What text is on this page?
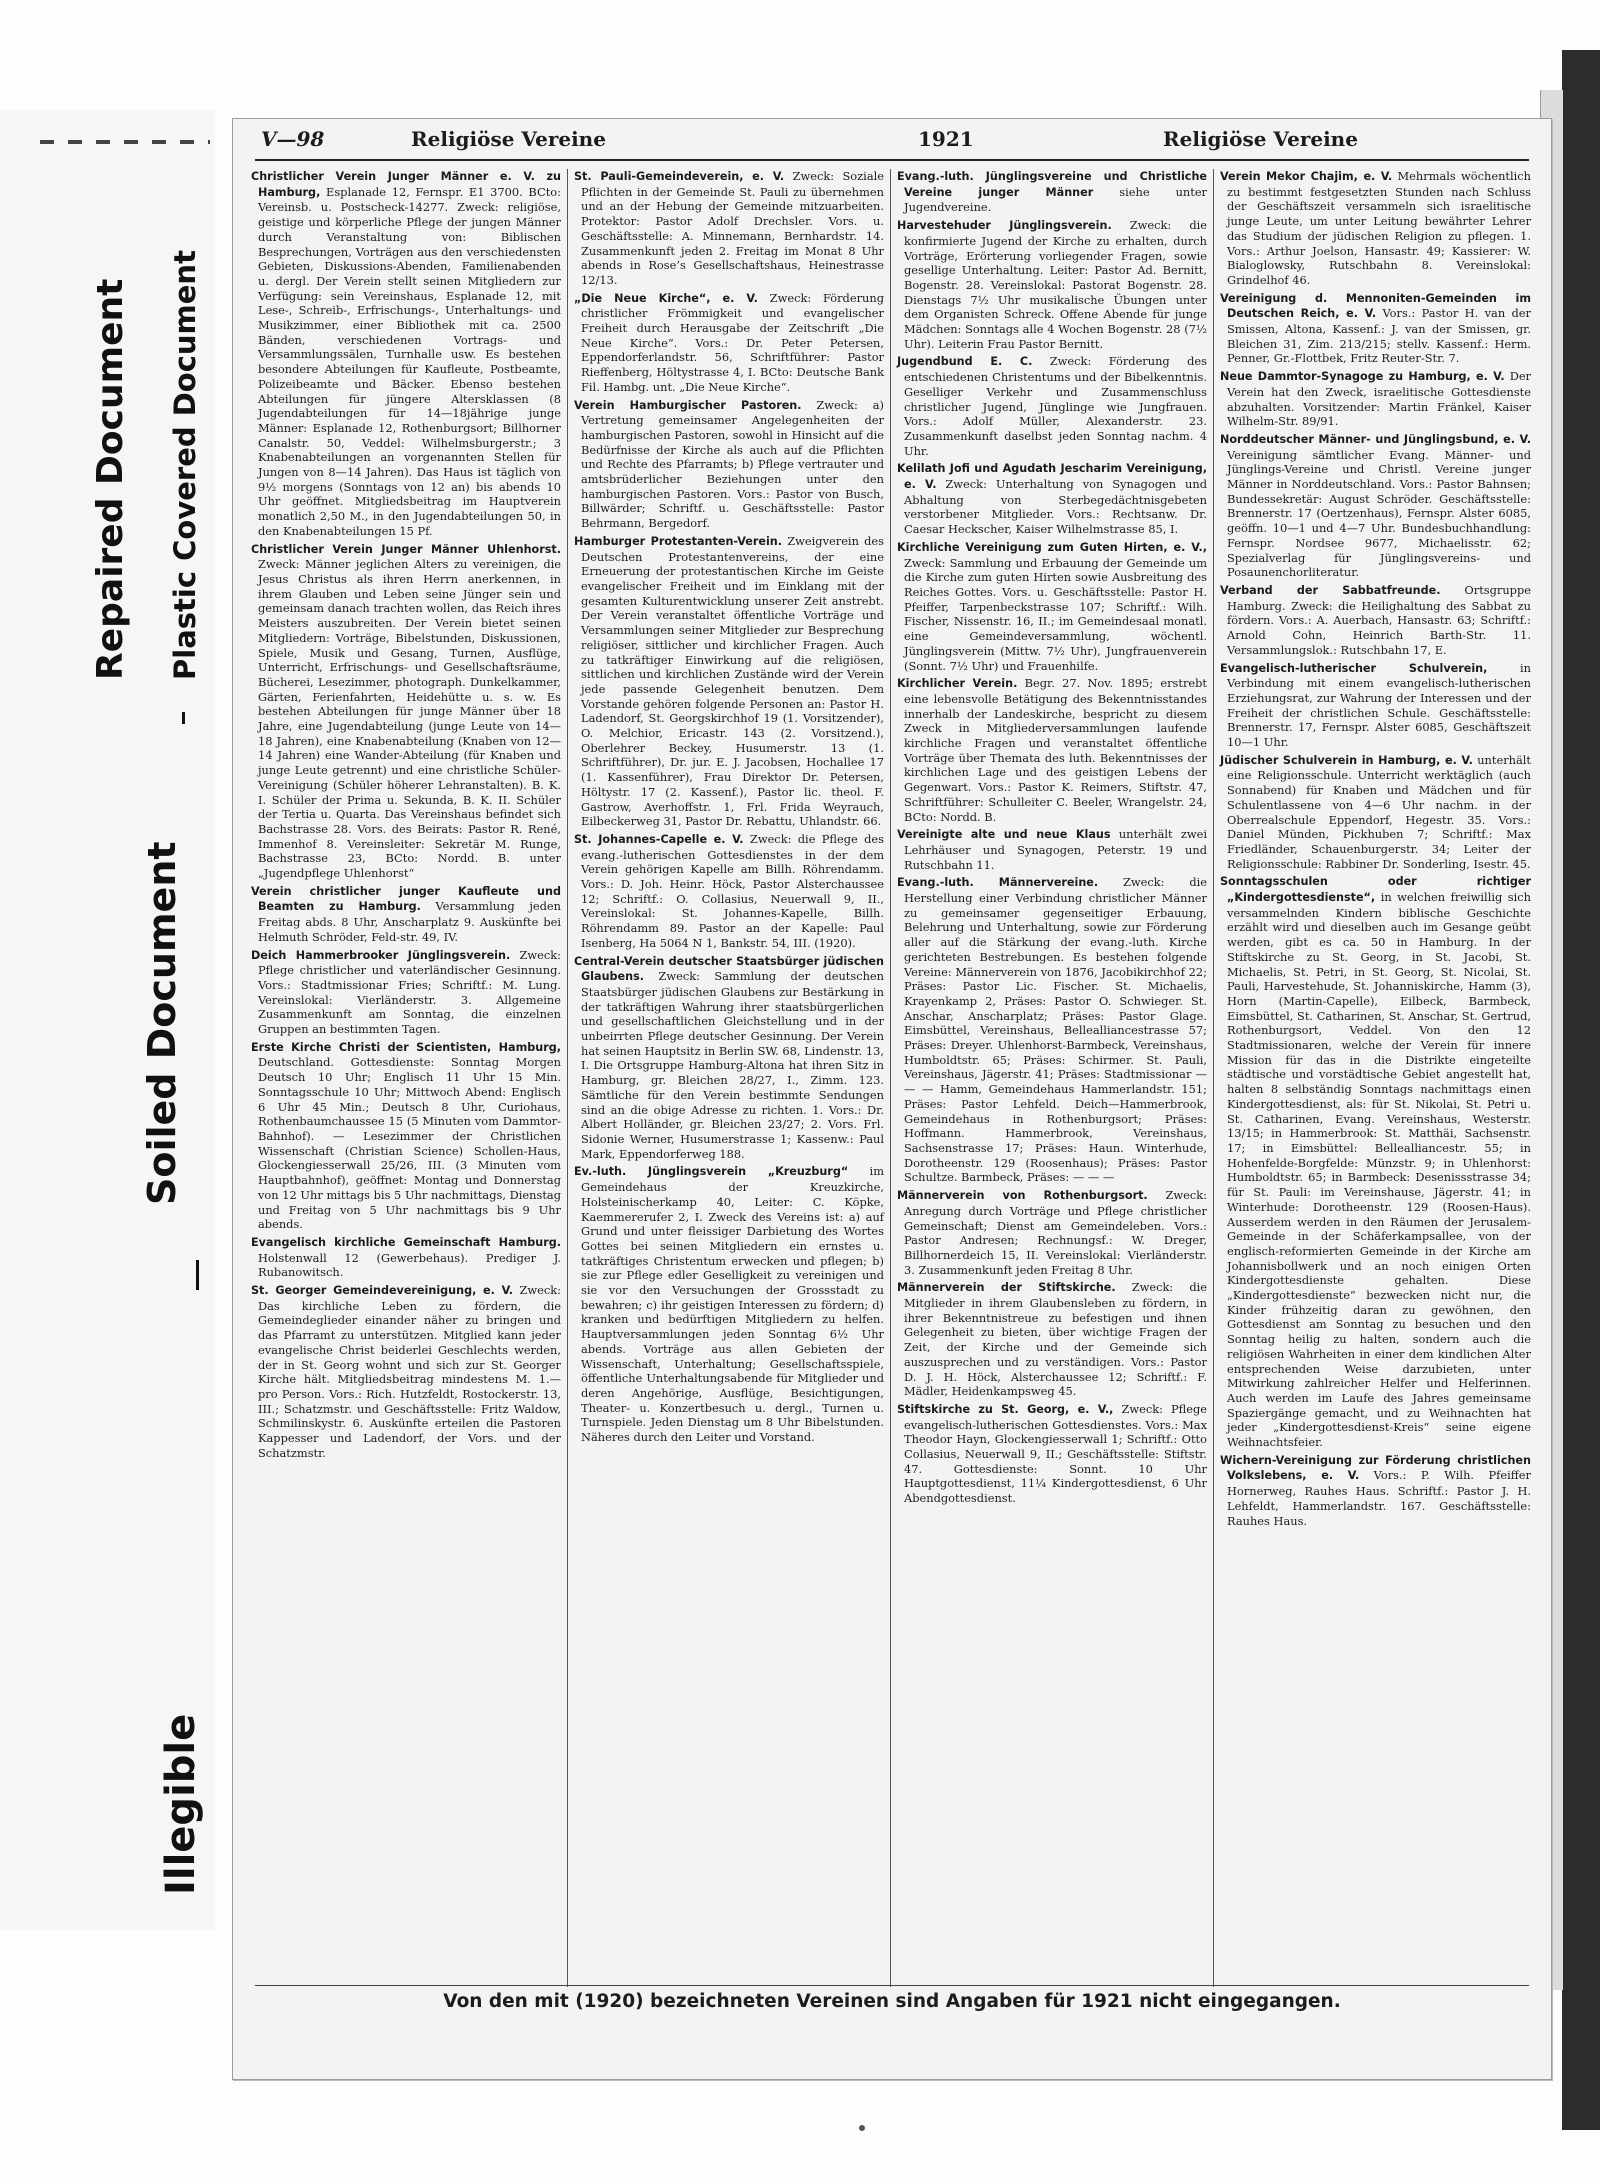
Repaired Document Plastic Covered Document
Soiled Document
Illegible
V—98	Religiöse Vereine	1921	Religiöse Vereine
Christlicher Verein Junger Männer e. V. zu Hamburg, Esplanade 12, Fernspr. E1 3700. BCto: Vereinsb. u. Postscheck-14277. Zweck: religiöse, geistige und körperliche Pflege der jungen Männer durch Veranstaltung von: Biblischen Besprechungen, Vorträgen aus den verschiedensten Gebieten, Diskussions-Abenden, Familienabenden u. dergl. Der Verein stellt seinen Mitgliedern zur Verfügung: sein Vereinshaus, Esplanade 12, mit Lese-, Schreib-, Erfrischungs-, Unterhaltungs- und Musikzimmer, einer Bibliothek mit ca. 2500 Bänden, verschiedenen Vortrags- und Versammlungssälen, Turnhalle usw. Es bestehen besondere Abteilungen für Kaufleute, Postbeamte, Polizeibeamte und Bäcker. Ebenso bestehen Abteilungen für jüngere Altersklassen (8 Jugendabteilungen für 14—18jährige junge Männer: Esplanade 12, Rothenburgsort; Billhorner Canalstr. 50, Veddel: Wilhelmsburgerstr.; 3 Knabenabteilungen an vorgenannten Stellen für Jungen von 8—14 Jahren). Das Haus ist täglich von 9½ morgens (Sonntags von 12 an) bis abends 10 Uhr geöffnet. Mitgliedsbeitrag im Hauptverein monatlich 2,50 M., in den Jugendabteilungen 50, in den Knabenabteilungen 15 Pf.
Christlicher Verein Junger Männer Uhlenhorst. Zweck: Männer jeglichen Alters zu vereinigen, die Jesus Christus als ihren Herrn anerkennen, in ihrem Glauben und Leben seine Jünger sein und gemeinsam danach trachten wollen, das Reich ihres Meisters auszubreiten. Der Verein bietet seinen Mitgliedern: Vorträge, Bibelstunden, Diskussionen, Spiele, Musik und Gesang, Turnen, Ausflüge, Unterricht, Erfrischungs- und Gesellschaftsräume, Bücherei, Lesezimmer, photograph. Dunkelkammer, Gärten, Ferienfahrten, Heidehütte u. s. w. Es bestehen Abteilungen für junge Männer über 18 Jahre, eine Jugendabteilung (junge Leute von 14—18 Jahren), eine Knabenabteilung (Knaben von 12—14 Jahren) eine Wander-Abteilung (für Knaben und junge Leute getrennt) und eine christliche Schüler-Vereinigung (Schüler höherer Lehranstalten). B. K. I. Schüler der Prima u. Sekunda, B. K. II. Schüler der Tertia u. Quarta. Das Vereinshaus befindet sich Bachstrasse 28. Vors. des Beirats: Pastor R. René, Immenhof 8. Vereinsleiter: Sekretär M. Runge, Bachstrasse 23, BCto: Nordd. B. unter „Jugendpflege Uhlenhorst“
Verein christlicher junger Kaufleute und Beamten zu Hamburg. Versammlung jeden Freitag abds. 8 Uhr, Anscharplatz 9. Auskünfte bei Helmuth Schröder, Feld-str. 49, IV.
Deich Hammerbrooker Jünglingsverein. Zweck: Pflege christlicher und vaterländischer Gesinnung. Vors.: Stadtmissionar Fries; Schriftf.: M. Lung. Vereinslokal: Vierländerstr. 3. Allgemeine Zusammenkunft am Sonntag, die einzelnen Gruppen an bestimmten Tagen.
Erste Kirche Christi der Scientisten, Hamburg, Deutschland. Gottesdienste: Sonntag Morgen Deutsch 10 Uhr; Englisch 11 Uhr 15 Min. Sonntagsschule 10 Uhr; Mittwoch Abend: Englisch 6 Uhr 45 Min.; Deutsch 8 Uhr, Curiohaus, Rothenbaumchaussee 15 (5 Minuten vom Dammtor-Bahnhof). — Lesezimmer der Christlichen Wissenschaft (Christian Science) Schollen-Haus, Glockengiesserwall 25/26, III. (3 Minuten vom Hauptbahnhof), geöffnet: Montag und Donnerstag von 12 Uhr mittags bis 5 Uhr nachmittags, Dienstag und Freitag von 5 Uhr nachmittags bis 9 Uhr abends.
Evangelisch kirchliche Gemeinschaft Hamburg. Holstenwall 12 (Gewerbehaus). Prediger J. Rubanowitsch.
St. Georger Gemeindevereinigung, e. V. Zweck: Das kirchliche Leben zu fördern, die Gemeindeglieder einander näher zu bringen und das Pfarramt zu unterstützen. Mitglied kann jeder evangelische Christ beiderlei Geschlechts werden, der in St. Georg wohnt und sich zur St. Georger Kirche hält. Mitgliedsbeitrag mindestens M. 1.— pro Person. Vors.: Rich. Hutzfeldt, Rostockerstr. 13, III.; Schatzmstr. und Geschäftsstelle: Fritz Waldow, Schmilinskystr. 6. Auskünfte erteilen die Pastoren Kappesser und Ladendorf, der Vors. und der Schatzmstr.
St. Pauli-Gemeindeverein, e. V. Zweck: Soziale Pflichten in der Gemeinde St. Pauli zu übernehmen und an der Hebung der Gemeinde mitzuarbeiten. Protektor: Pastor Adolf Drechsler. Vors. u. Geschäftsstelle: A. Minnemann, Bernhardstr. 14. Zusammenkunft jeden 2. Freitag im Monat 8 Uhr abends in Rose’s Gesellschaftshaus, Heinestrasse 12/13.
„Die Neue Kirche“, e. V. Zweck: Förderung christlicher Frömmigkeit und evangelischer Freiheit durch Herausgabe der Zeitschrift „Die Neue Kirche“. Vors.: Dr. Peter Petersen, Eppendorferlandstr. 56, Schriftführer: Pastor Rieffenberg, Höltystrasse 4, I. BCto: Deutsche Bank Fil. Hambg. unt. „Die Neue Kirche“.
Verein Hamburgischer Pastoren. Zweck: a) Vertretung gemeinsamer Angelegenheiten der hamburgischen Pastoren, sowohl in Hinsicht auf die Bedürfnisse der Kirche als auch auf die Pflichten und Rechte des Pfarramts; b) Pflege vertrauter und amtsbrüderlicher Beziehungen unter den hamburgischen Pastoren. Vors.: Pastor von Busch, Billwärder; Schriftf. u. Geschäftsstelle: Pastor Behrmann, Bergedorf.
Hamburger Protestanten-Verein. Zweigverein des Deutschen Protestantenvereins, der eine Erneuerung der protestantischen Kirche im Geiste evangelischer Freiheit und im Einklang mit der gesamten Kulturentwicklung unserer Zeit anstrebt. Der Verein veranstaltet öffentliche Vorträge und Versammlungen seiner Mitglieder zur Besprechung religiöser, sittlicher und kirchlicher Fragen. Auch zu tatkräftiger Einwirkung auf die religiösen, sittlichen und kirchlichen Zustände wird der Verein jede passende Gelegenheit benutzen. Dem Vorstande gehören folgende Personen an: Pastor H. Ladendorf, St. Georgskirchhof 19 (1. Vorsitzender), O. Melchior, Ericastr. 143 (2. Vorsitzend.), Oberlehrer Beckey, Husumerstr. 13 (1. Schriftführer), Dr. jur. E. J. Jacobsen, Hochallee 17 (1. Kassenführer), Frau Direktor Dr. Petersen, Höltystr. 17 (2. Kassenf.), Pastor lic. theol. F. Gastrow, Averhoffstr. 1, Frl. Frida Weyrauch, Eilbeckerweg 31, Pastor Dr. Rebattu, Uhlandstr. 66.
St. Johannes-Capelle e. V. Zweck: die Pflege des evang.-lutherischen Gottesdienstes in der dem Verein gehörigen Kapelle am Billh. Röhrendamm. Vors.: D. Joh. Heinr. Höck, Pastor Alsterchaussee 12; Schriftf.: O. Collasius, Neuerwall 9, II., Vereinslokal: St. Johannes-Kapelle, Billh. Röhrendamm 89. Pastor an der Kapelle: Paul Isenberg, Ha 5064 N 1, Bankstr. 54, III. (1920).
Central-Verein deutscher Staatsbürger jüdischen Glaubens. Zweck: Sammlung der deutschen Staatsbürger jüdischen Glaubens zur Bestärkung in der tatkräftigen Wahrung ihrer staatsbürgerlichen und gesellschaftlichen Gleichstellung und in der unbeirrten Pflege deutscher Gesinnung. Der Verein hat seinen Hauptsitz in Berlin SW. 68, Lindenstr. 13, I. Die Ortsgruppe Hamburg-Altona hat ihren Sitz in Hamburg, gr. Bleichen 28/27, I., Zimm. 123. Sämtliche für den Verein bestimmte Sendungen sind an die obige Adresse zu richten. 1. Vors.: Dr. Albert Holländer, gr. Bleichen 23/27; 2. Vors. Frl. Sidonie Werner, Husumerstrasse 1; Kassenw.: Paul Mark, Eppendorferweg 188.
Ev.-luth. Jünglingsverein „Kreuzburg“ im Gemeindehaus der Kreuzkirche, Holsteinischerkamp 40, Leiter: C. Köpke, Kaemmererufer 2, I. Zweck des Vereins ist: a) auf Grund und unter fleissiger Darbietung des Wortes Gottes bei seinen Mitgliedern ein ernstes u. tatkräftiges Christentum erwecken und pflegen; b) sie zur Pflege edler Geselligkeit zu vereinigen und sie vor den Versuchungen der Grossstadt zu bewahren; c) ihr geistigen Interessen zu fördern; d) kranken und bedürftigen Mitgliedern zu helfen. Hauptversammlungen jeden Sonntag 6½ Uhr abends. Vorträge aus allen Gebieten der Wissenschaft, Unterhaltung; Gesellschaftsspiele, öffentliche Unterhaltungsabende für Mitglieder und deren Angehörige, Ausflüge, Besichtigungen, Theater- u. Konzertbesuch u. dergl., Turnen u. Turnspiele. Jeden Dienstag um 8 Uhr Bibelstunden. Näheres durch den Leiter und Vorstand.
Evang.-luth. Jünglingsvereine und Christliche Vereine junger Männer siehe unter Jugendvereine.
Harvestehuder Jünglingsverein. Zweck: die konfirmierte Jugend der Kirche zu erhalten, durch Vorträge, Erörterung vorliegender Fragen, sowie gesellige Unterhaltung. Leiter: Pastor Ad. Bernitt, Bogenstr. 28. Vereinslokal: Pastorat Bogenstr. 28. Dienstags 7½ Uhr musikalische Übungen unter dem Organisten Schreck. Offene Abende für junge Mädchen: Sonntags alle 4 Wochen Bogenstr. 28 (7½ Uhr). Leiterin Frau Pastor Bernitt.
Jugendbund E. C. Zweck: Förderung des entschiedenen Christentums und der Bibelkenntnis. Geselliger Verkehr und Zusammenschluss christlicher Jugend, Jünglinge wie Jungfrauen. Vors.: Adolf Müller, Alexanderstr. 23. Zusammenkunft daselbst jeden Sonntag nachm. 4 Uhr.
Kelilath Jofi und Agudath Jescharim Vereinigung, e. V. Zweck: Unterhaltung von Synagogen und Abhaltung von Sterbegedächtnisgebeten verstorbener Mitglieder. Vors.: Rechtsanw. Dr. Caesar Heckscher, Kaiser Wilhelmstrasse 85, I.
Kirchliche Vereinigung zum Guten Hirten, e. V., Zweck: Sammlung und Erbauung der Gemeinde um die Kirche zum guten Hirten sowie Ausbreitung des Reiches Gottes. Vors. u. Geschäftsstelle: Pastor H. Pfeiffer, Tarpenbeckstrasse 107; Schriftf.: Wilh. Fischer, Nissenstr. 16, II.; im Gemeindesaal monatl. eine Gemeindeversammlung, wöchentl. Jünglingsverein (Mittw. 7½ Uhr), Jungfrauenverein (Sonnt. 7½ Uhr) und Frauenhilfe.
Kirchlicher Verein. Begr. 27. Nov. 1895; erstrebt eine lebensvolle Betätigung des Bekenntnisstandes innerhalb der Landeskirche, bespricht zu diesem Zweck in Mitgliederversammlungen laufende kirchliche Fragen und veranstaltet öffentliche Vorträge über Themata des luth. Bekenntnisses der kirchlichen Lage und des geistigen Lebens der Gegenwart. Vors.: Pastor K. Reimers, Stiftstr. 47, Schriftführer: Schulleiter C. Beeler, Wrangelstr. 24, BCto: Nordd. B.
Vereinigte alte und neue Klaus unterhält zwei Lehrhäuser und Synagogen, Peterstr. 19 und Rutschbahn 11.
Evang.-luth. Männervereine. Zweck: die Herstellung einer Verbindung christlicher Männer zu gemeinsamer gegenseitiger Erbauung, Belehrung und Unterhaltung, sowie zur Förderung aller auf die Stärkung der evang.-luth. Kirche gerichteten Bestrebungen. Es bestehen folgende Vereine: Männerverein von 1876, Jacobikirchhof 22; Präses: Pastor Lic. Fischer. St. Michaelis, Krayenkamp 2, Präses: Pastor O. Schwieger. St. Anschar, Anscharplatz; Präses: Pastor Glage. Eimsbüttel, Vereinshaus, Bellealliancestrasse 57; Präses: Dreyer. Uhlenhorst-Barmbeck, Vereinshaus, Humboldtstr. 65; Präses: Schirmer. St. Pauli, Vereinshaus, Jägerstr. 41; Präses: Stadtmissionar — — — Hamm, Gemeindehaus Hammerlandstr. 151; Präses: Pastor Lehfeld. Deich—Hammerbrook, Gemeindehaus in Rothenburgsort; Präses: Hoffmann. Hammerbrook, Vereinshaus, Sachsenstrasse 17; Präses: Haun. Winterhude, Dorotheenstr. 129 (Roosenhaus); Präses: Pastor Schultze. Barmbeck, Präses: — — —
Männerverein von Rothenburgsort. Zweck: Anregung durch Vorträge und Pflege christlicher Gemeinschaft; Dienst am Gemeindeleben. Vors.: Pastor Andresen; Rechnungsf.: W. Dreger, Billhornerdeich 15, II. Vereinslokal: Vierländerstr. 3. Zusammenkunft jeden Freitag 8 Uhr.
Männerverein der Stiftskirche. Zweck: die Mitglieder in ihrem Glaubensleben zu fördern, in ihrer Bekenntnistreue zu befestigen und ihnen Gelegenheit zu bieten, über wichtige Fragen der Zeit, der Kirche und der Gemeinde sich auszusprechen und zu verständigen. Vors.: Pastor D. J. H. Höck, Alsterchaussee 12; Schriftf.: F. Mädler, Heidenkampsweg 45.
Stiftskirche zu St. Georg, e. V., Zweck: Pflege evangelisch-lutherischen Gottesdienstes. Vors.: Max Theodor Hayn, Glockengiesserwall 1; Schriftf.: Otto Collasius, Neuerwall 9, II.; Geschäftsstelle: Stiftstr. 47. Gottesdienste: Sonnt. 10 Uhr Hauptgottesdienst, 11¼ Kindergottesdienst, 6 Uhr Abendgottesdienst.
Verein Mekor Chajim, e. V. Mehrmals wöchentlich zu bestimmt festgesetzten Stunden nach Schluss der Geschäftszeit versammeln sich israelitische junge Leute, um unter Leitung bewährter Lehrer das Studium der jüdischen Religion zu pflegen. 1. Vors.: Arthur Joelson, Hansastr. 49; Kassierer: W. Bialoglowsky, Rutschbahn 8. Vereinslokal: Grindelhof 46.
Vereinigung d. Mennoniten-Gemeinden im Deutschen Reich, e. V. Vors.: Pastor H. van der Smissen, Altona, Kassenf.: J. van der Smissen, gr. Bleichen 31, Zim. 213/215; stellv. Kassenf.: Herm. Penner, Gr.-Flottbek, Fritz Reuter-Str. 7.
Neue Dammtor-Synagoge zu Hamburg, e. V. Der Verein hat den Zweck, israelitische Gottesdienste abzuhalten. Vorsitzender: Martin Fränkel, Kaiser Wilhelm-Str. 89/91.
Norddeutscher Männer- und Jünglingsbund, e. V. Vereinigung sämtlicher Evang. Männer- und Jünglings-Vereine und Christl. Vereine junger Männer in Norddeutschland. Vors.: Pastor Bahnsen; Bundessekretär: August Schröder. Geschäftsstelle: Brennerstr. 17 (Oertzenhaus), Fernspr. Alster 6085, geöffn. 10—1 und 4—7 Uhr. Bundesbuchhandlung: Fernspr. Nordsee 9677, Michaelisstr. 62; Spezialverlag für Jünglingsvereins- und Posaunenchorliteratur.
Verband der Sabbatfreunde. Ortsgruppe Hamburg. Zweck: die Heilighaltung des Sabbat zu fördern. Vors.: A. Auerbach, Hansastr. 63; Schriftf.: Arnold Cohn, Heinrich Barth-Str. 11. Versammlungslok.: Rutschbahn 17, E.
Evangelisch-lutherischer Schulverein,	in Verbindung mit einem evangelisch-lutherischen Erziehungsrat, zur Wahrung der Interessen und der Freiheit der christlichen Schule. Geschäftsstelle: Brennerstr. 17, Fernspr. Alster 6085, Geschäftszeit 10—1 Uhr.
Jüdischer Schulverein in Hamburg, e. V. unterhält eine Religionsschule. Unterricht werktäglich (auch Sonnabend) für Knaben und Mädchen und für Schulentlassene von 4—6 Uhr nachm. in der Oberrealschule Eppendorf, Hegestr. 35. Vors.: Daniel Münden, Pickhuben 7; Schriftf.: Max Friedländer, Schauenburgerstr. 34; Leiter der Religionsschule: Rabbiner Dr. Sonderling, Isestr. 45.
Sonntagsschulen oder richtiger „Kindergottesdienste“, in welchen freiwillig sich versammelnden Kindern biblische Geschichte erzählt wird und dieselben auch im Gesange geübt werden, gibt es ca. 50 in Hamburg. In der Stiftskirche zu St. Georg, in St. Jacobi, St. Michaelis, St. Petri, in St. Georg, St. Nicolai, St. Pauli, Harvestehude, St. Johanniskirche, Hamm (3), Horn (Martin-Capelle), Eilbeck, Barmbeck, Eimsbüttel, St. Catharinen, St. Anschar, St. Gertrud, Rothenburgsort, Veddel. Von den 12 Stadtmissionaren, welche der Verein für innere Mission für das in die Distrikte eingeteilte städtische und vorstädtische Gebiet angestellt hat, halten 8 selbständig Sonntags nachmittags einen Kindergottesdienst, als: für St. Nikolai, St. Petri u. St. Catharinen, Evang. Vereinshaus, Westerstr. 13/15; in Hammerbrook: St. Matthäi, Sachsenstr. 17; in Eimsbüttel: Bellealliancestr. 55; in Hohenfelde-Borgfelde: Münzstr. 9; in Uhlenhorst: Humboldtstr. 65; in Barmbeck: Desenissstrasse 34; für St. Pauli: im Vereinshause, Jägerstr. 41; in Winterhude: Dorotheenstr. 129 (Roosen-Haus). Ausserdem werden in den Räumen der Jerusalem-Gemeinde in der Schäferkampsallee, von der englisch-reformierten Gemeinde in der Kirche am Johannisbollwerk und an noch einigen Orten Kindergottesdienste gehalten. Diese „Kindergottesdienste“ bezwecken nicht nur, die Kinder frühzeitig daran zu gewöhnen, den Gottesdienst am Sonntag zu besuchen und den Sonntag heilig zu halten, sondern auch die religiösen Wahrheiten in einer dem kindlichen Alter entsprechenden Weise darzubieten, unter Mitwirkung zahlreicher Helfer und Helferinnen. Auch werden im Laufe des Jahres gemeinsame Spaziergänge gemacht, und zu Weihnachten hat jeder „Kindergottesdienst-Kreis“ seine eigene Weihnachtsfeier.
Wichern-Vereinigung zur Förderung christlichen Volkslebens, e. V. Vors.: P. Wilh. Pfeiffer Hornerweg, Rauhes Haus. Schriftf.: Pastor J. H. Lehfeldt, Hammerlandstr. 167. Geschäftsstelle: Rauhes Haus.
Von den mit (1920) bezeichneten Vereinen sind Angaben für 1921 nicht eingegangen.
